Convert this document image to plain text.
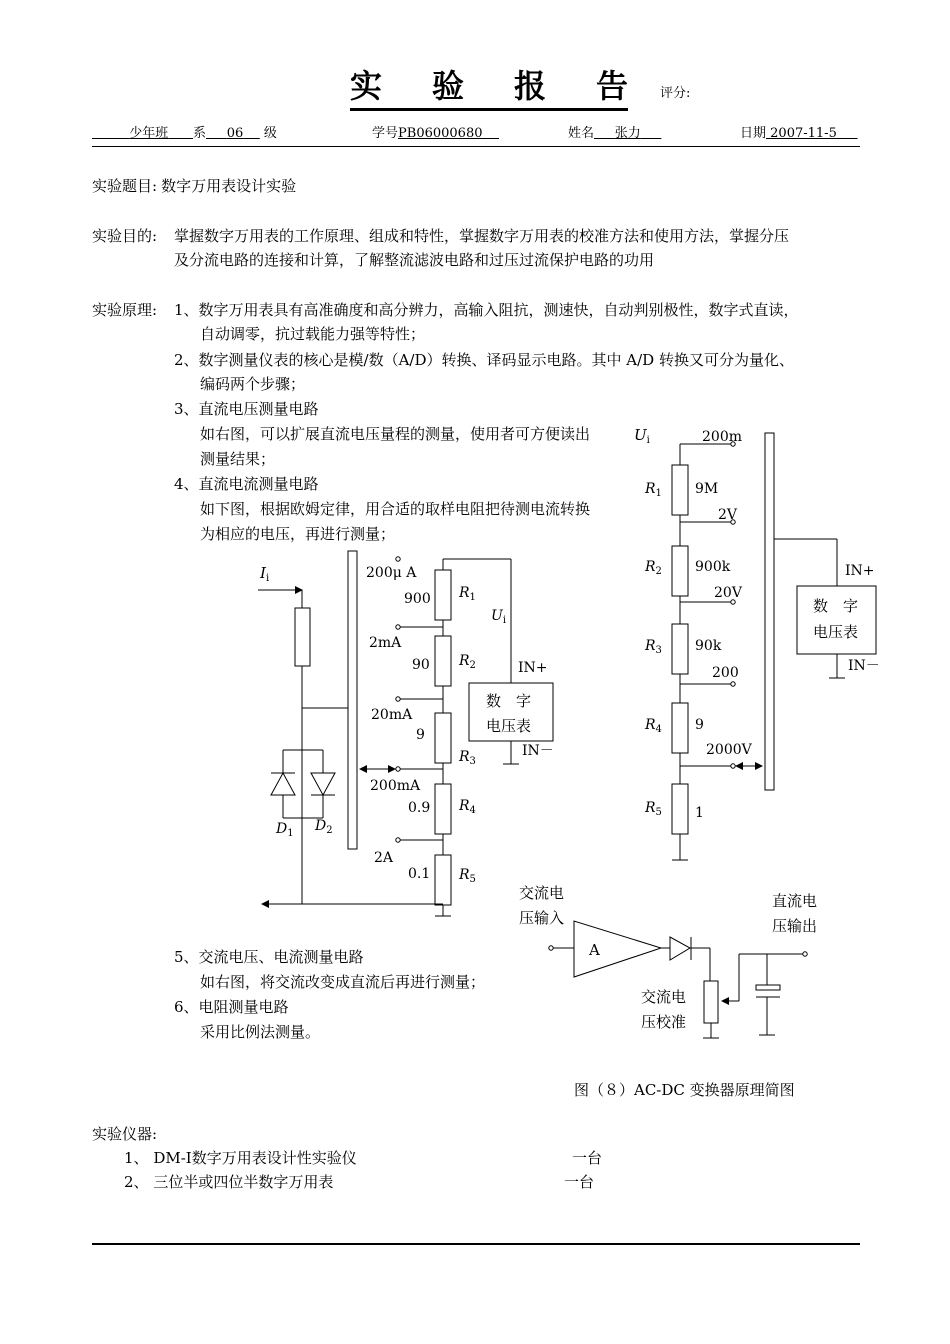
实 验 报 告 评分:
少年班 系 06 级	学号PB06000680	姓名 张力	日期 2007-11-5
实验题目: 数字万用表设计实验
实验目的: 掌握数字万用表的工作原理、组成和特性，掌握数字万用表的校准方法和使用方法，掌握分压
及分流电路的连接和计算，了解整流滤波电路和过压过流保护电路的功用
实验原理: 1、数字万用表具有高准确度和高分辨力，高输入阻抗，测速快，自动判别极性，数字式直读，
自动调零，抗过载能力强等特性；
2、数字测量仪表的核心是模/数（A/D）转换、译码显示电路。其中 A/D 转换又可分为量化、
编码两个步骤；
3、直流电压测量电路
如右图，可以扩展直流电压量程的测量，使用者可方便读出
测量结果；
4、直流电流测量电路
如下图，根据欧姆定律，用合适的取样电阻把待测电流转换
为相应的电压，再进行测量；
5、交流电压、电流测量电路
如右图，将交流改变成直流后再进行测量；
6、电阻测量电路
采用比例法测量。
图（８）AC-DC 变换器原理简图
实验仪器:
1、 DM-Ⅰ数字万用表设计性实验仪	一台
2、 三位半或四位半数字万用表	一台
$U_i$	200m
2V
20V
200
2000V
$R_1$ 9M
$R_2$ 900k
$R_3$ 90k
$R_4$ 9
$R_5$ 1
IN+
IN－
数　字
电压表
$I_i$	200μ A
2mA
20mA
200mA
2A
900
90
9
0.9
0.1
$R_1$
$R_2$
$R_3$
$R_4$
$R_5$
$U_i$
IN+
IN－
数　字
电压表
$D_1$ $D_2$
交流电
压输入
A
直流电
压输出
交流电
压校准
